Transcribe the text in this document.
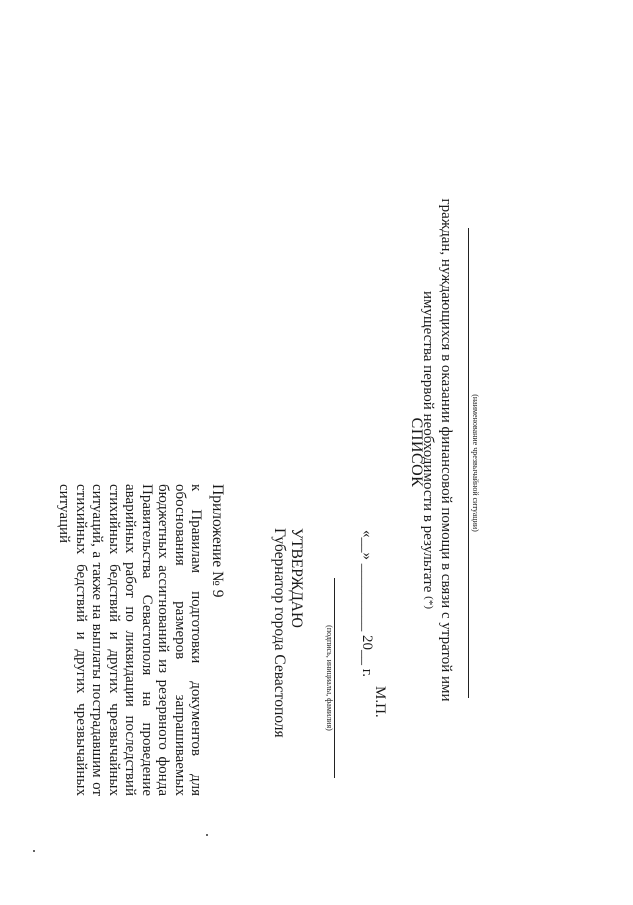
Приложение № 9
к Правилам подготовки документов для обоснования размеров запрашиваемых бюджетных ассигнований из резервного фонда Правительства Севастополя на проведение аварийных работ по ликвидации последствий стихийных бедствий и других чрезвычайных ситуаций, а также на выплаты пострадавшим от стихийных бедствий и других чрезвычайных ситуаций
УТВЕРЖДАЮ
Губернатор города Севастополя	(подпись, инициалы, фамилия)
«__» _________ 20__ г.
М.П.
СПИСОК граждан, нуждающихся в оказании финансовой помощи в связи с утратой ими имущества первой необходимости в результате (*)
(наименование чрезвычайной ситуации)
